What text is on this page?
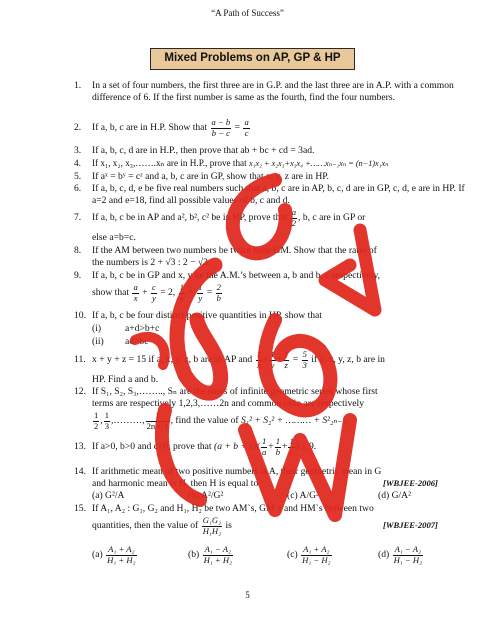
“A Path of Success”
Mixed Problems on AP, GP & HP
1. In a set of four numbers, the first three are in G.P. and the last three are in A.P. with a common difference of 6. If the first number is same as the fourth, find the four numbers.
2. If a, b, c are in H.P. Show that $\frac{a - b}{b - c} = \frac{a}{c}$
3. If a, b, c, d are in H.P., then prove that ab + bc + cd = 3ad.
4. If x₁, x₂, x₃,…….xₙ are in H.P., prove that x₁x₂ + x₂x₃+x₃x₄ +……xₙ₋₁xₙ = (n−1)x₁xₙ
5. If aˣ = bʸ = cᶻ and a, b, c are in GP, show that x, y, z are in HP.
6. If a, b, c, d, e be five real numbers such that a, b, c are in AP, b, c, d are in GP, c, d, e are in HP. If a=2 and e=18, find all possible values of b, c and d.
7. If a, b, c be in AP and a², b², c² be in HP, prove that $\frac{a}{2}$ , b, c are in GP or
else a=b=c.
8. If the AM between two numbers be twice their GM. Show that the ratio of
the numbers is 2 + √3 : 2 − √3.
9. If a, b, c be in GP and x, y be the A.M.’s between a, b and b, c respectively,
show that $\frac{a}{x} + \frac{c}{y} = 2$, $\frac{1}{x} + \frac{1}{y} = \frac{2}{b}$
10. If a, b, c be four distinct positive quantities in HP, show that
(i) a+d>b+c
(ii) ad>bc
11. x + y + z = 15 if a, x, y, z, b are in AP and $\frac{1}{x} + \frac{1}{y} + \frac{1}{z} = \frac{5}{3}$ if a, x, y, z, b are in
HP. Find a and b.
12. If S₁, S₂, S₃,…….., Sₙ are the sums of infinite geometric series whose first
terms are respectively 1,2,3,……2n and common ratio are respectively
$\frac{1}{2}$ , $\frac{1}{3}$ ,………, $\frac{1}{2n + 1}$ , find the value of S₁² + S₂² + ……… + S²₂ₙ₋₁.
13. If a>0, b>0 and c>0, prove that $(a + b + c)( \frac{1}{a} + \frac{1}{b} + \frac{1}{c}$ ) ≥ 9.
14. If arithmetic mean of two positive numbers is A, their geometric mean in G
and harmonic mean is H, then H is equal to	[WBJEE-2006]
(a) G²/A	(b) A²/G²	(c) A/G²	(d) G/A²
15. If A₁, A₂ : G₁, G₂ and H₁, H₂ be two AM`s, GM`s and HM`s between two
quantities, then the value of $\frac{\text{G₁G₂}}{\text{H₁H₂}}$ is	[WBJEE-2007]
$(a) \frac{\text{A₁ + A₂}}{\text{H₁ + H₂}}$	$(b) \frac{\text{A₁ − A₂}}{\text{H₁ + H₂}}$	$(c) \frac{\text{A₁ + A₂}}{\text{H₁ − H₂}}$	$(d) \frac{\text{A₁ − A₂}}{\text{H₁ − H₂}}$
5
